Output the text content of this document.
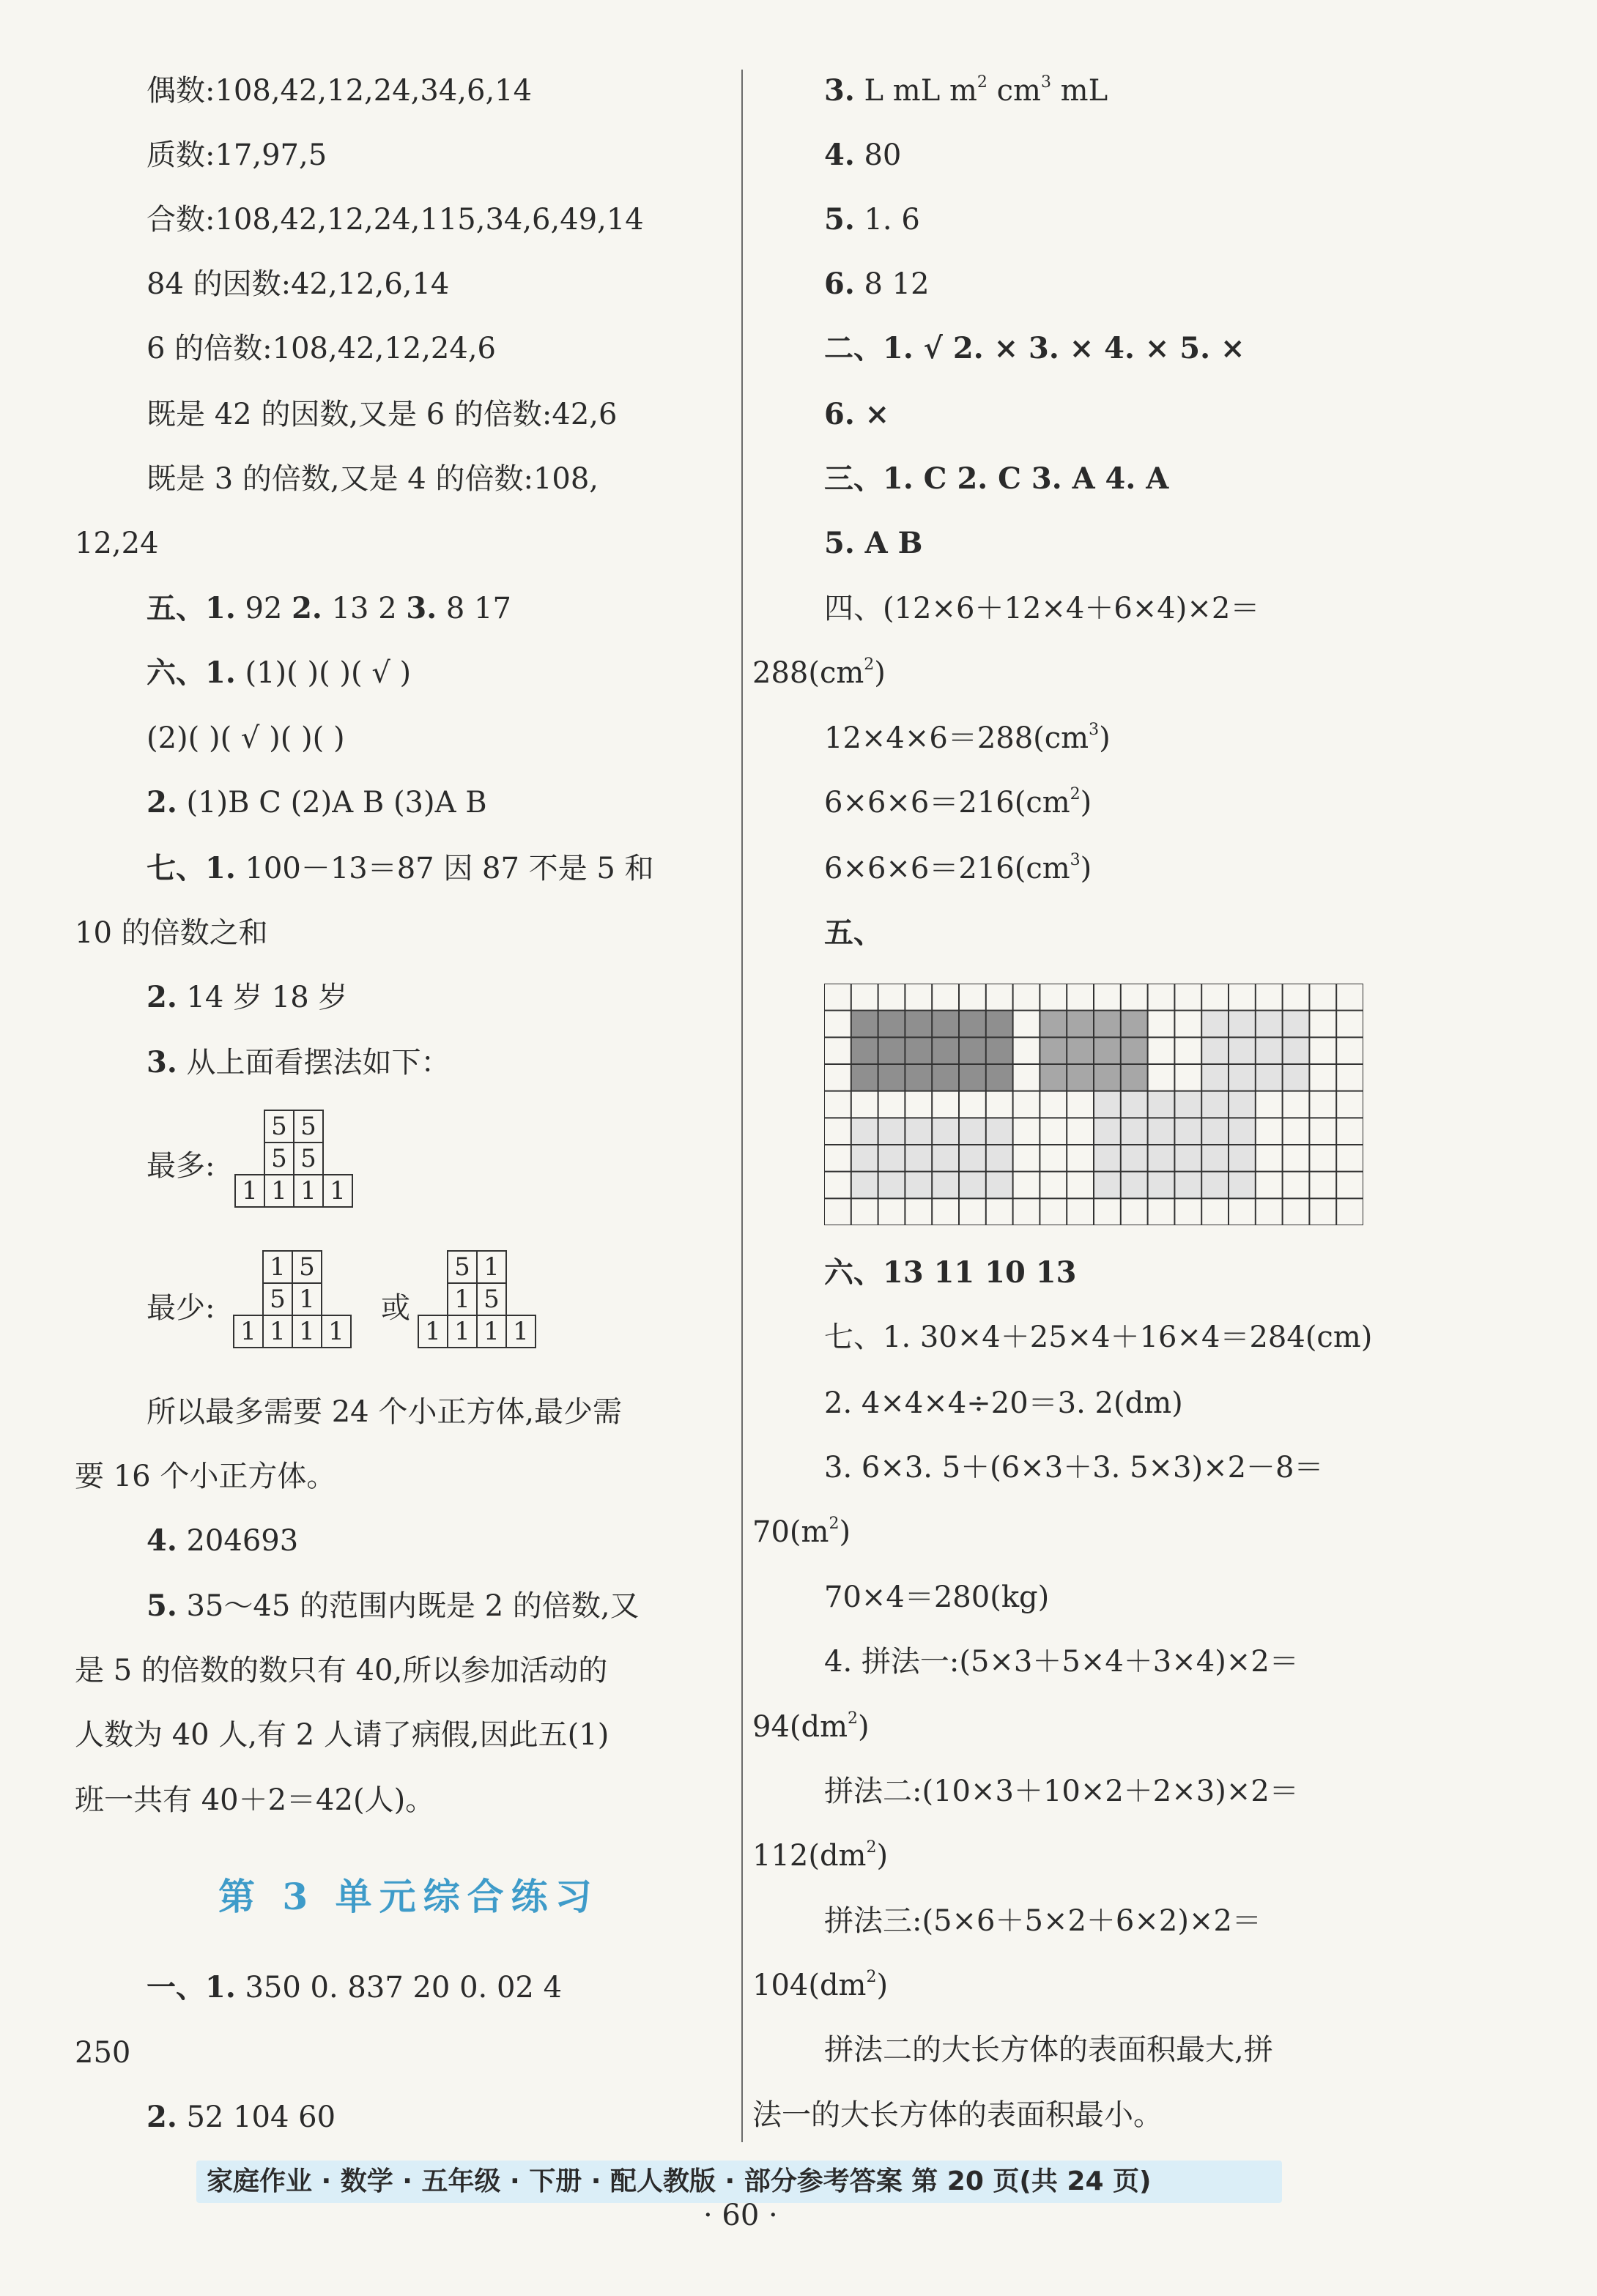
偶数:108,42,12,24,34,6,14
质数:17,97,5
合数:108,42,12,24,115,34,6,49,14
84 的因数:42,12,6,14
6 的倍数:108,42,12,24,6
既是 42 的因数,又是 6 的倍数:42,6
既是 3 的倍数,又是 4 的倍数:108,
12,24
五、1. 92 2. 13 2 3. 8 17
六、1. (1)( )( )( √ )
(2)( )( √ )( )( )
2. (1)B C (2)A B (3)A B
七、1. 100－13＝87 因 87 不是 5 和
10 的倍数之和
2. 14 岁 18 岁
3. 从上面看摆法如下：
最多:
	5	5	
	5	5	
1	1	1	1
最少:
	1	5	
	5	1	
1	1	1	1
或
	5	1	
	1	5	
1	1	1	1
所以最多需要 24 个小正方体,最少需
要 16 个小正方体。
4. 204693
5. 35～45 的范围内既是 2 的倍数,又
是 5 的倍数的数只有 40,所以参加活动的
人数为 40 人,有 2 人请了病假,因此五(1)
班一共有 40＋2＝42(人)。
第 3 单元综合练习
一、1. 350 0. 837 20 0. 02 4
250
2. 52 104 60
3. L mL $m^2$ $cm^3$ mL
4. 80
5. 1. 6
6. 8 12
二、1. √ 2. × 3. × 4. × 5. ×
6. ×
三、1. C 2. C 3. A 4. A
5. A B
四、(12×6＋12×4＋6×4)×2＝
$288(cm^2)$
$12\times 4\times 6=288(cm^3)$
$6\times 6\times 6=216(cm^2)$
$6\times 6\times 6=216(cm^3)$
五、
六、13 11 10 13
七、1. 30×4＋25×4＋16×4＝284(cm)
2. 4×4×4÷20＝3. 2(dm)
3. 6×3. 5＋(6×3＋3. 5×3)×2－8＝
$70(m^2)$
70×4＝280(kg)
4. 拼法一:(5×3＋5×4＋3×4)×2＝
$94(dm^2)$
拼法二:(10×3＋10×2＋2×3)×2＝
$112(dm^2)$
拼法三:(5×6＋5×2＋6×2)×2＝
$104(dm^2)$
拼法二的大长方体的表面积最大,拼
法一的大长方体的表面积最小。
家庭作业 · 数学 · 五年级 · 下册 · 配人教版 · 部分参考答案 第 20 页(共 24 页)
· 60 ·
